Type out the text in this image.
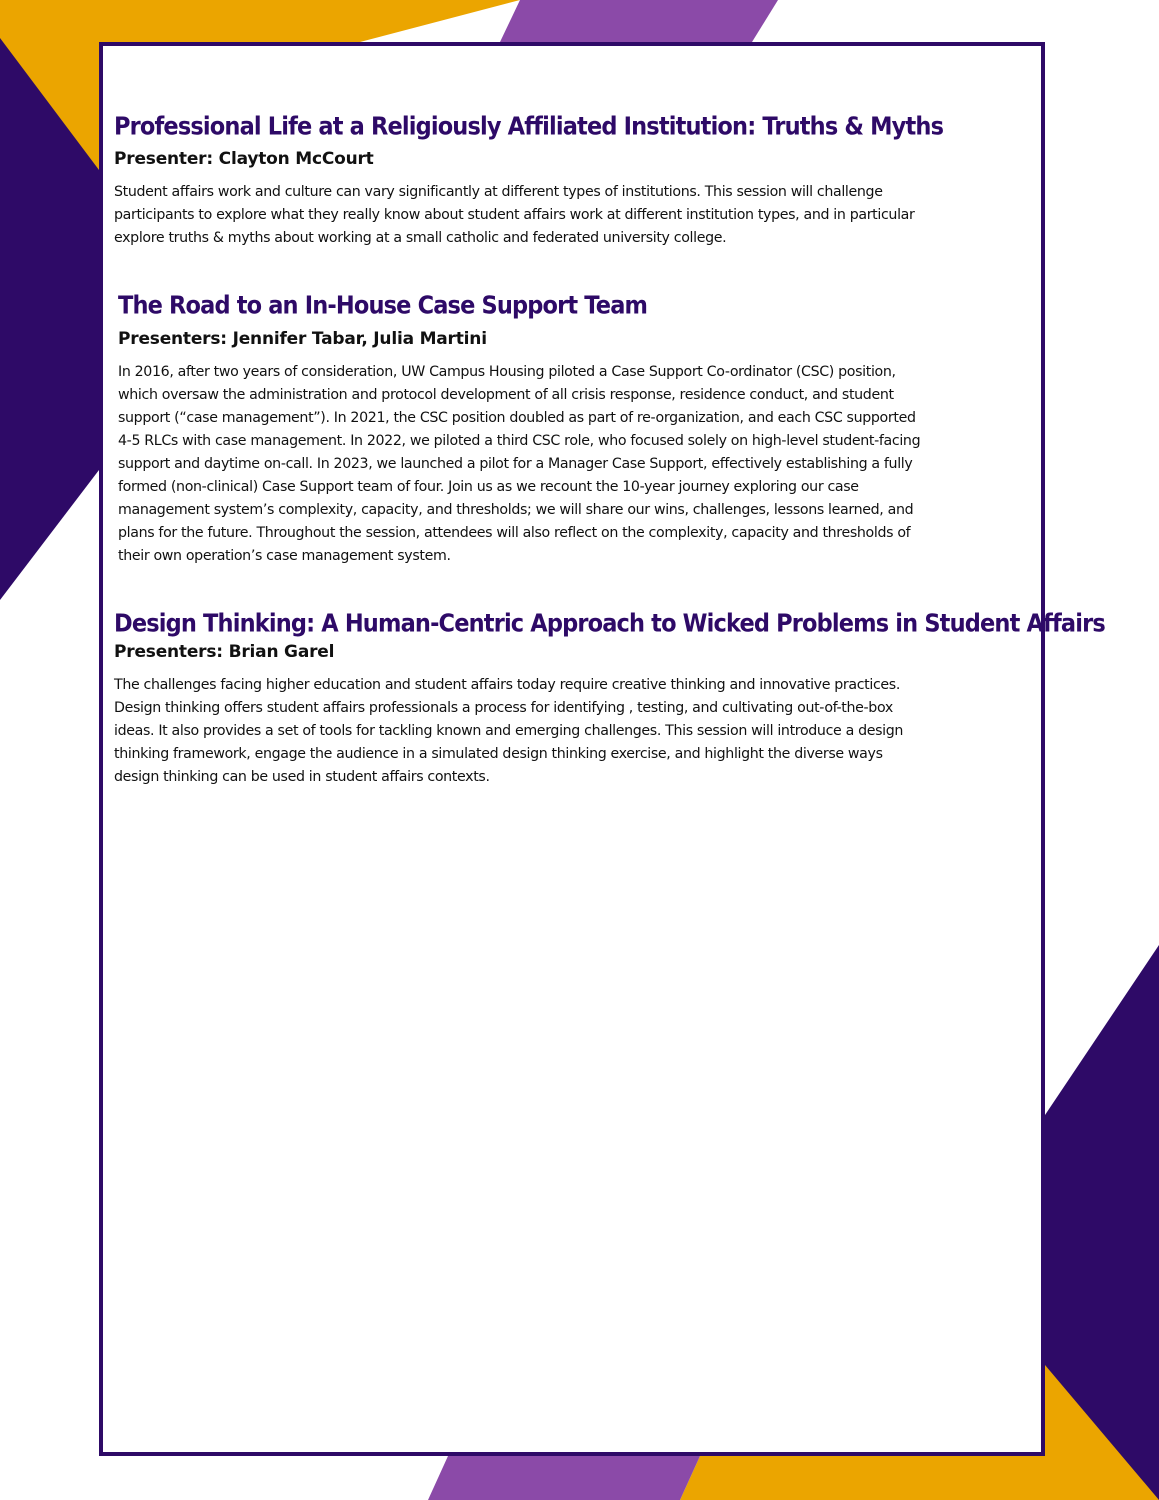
Professional Life at a Religiously Affiliated Institution: Truths & Myths
Presenter: Clayton McCourt

Student affairs work and culture can vary significantly at different types of institutions. This session will challenge
participants to explore what they really know about student affairs work at different institution types, and in particular
explore truths & myths about working at a small catholic and federated university college.

The Road to an In-House Case Support Team
Presenters: Jennifer Tabar, Julia Martini

In 2016, after two years of consideration, UW Campus Housing piloted a Case Support Co-ordinator (CSC) position,
which oversaw the administration and protocol development of all crisis response, residence conduct, and student
support (“case management”). In 2021, the CSC position doubled as part of re-organization, and each CSC supported
4-5 RLCs with case management. In 2022, we piloted a third CSC role, who focused solely on high-level student-facing
support and daytime on-call. In 2023, we launched a pilot for a Manager Case Support, effectively establishing a fully
formed (non-clinical) Case Support team of four. Join us as we recount the 10-year journey exploring our case
management system’s complexity, capacity, and thresholds; we will share our wins, challenges, lessons learned, and
plans for the future. Throughout the session, attendees will also reflect on the complexity, capacity and thresholds of
their own operation’s case management system.

Design Thinking: A Human-Centric Approach to Wicked Problems in Student Affairs
Presenters: Brian Garel

The challenges facing higher education and student affairs today require creative thinking and innovative practices.
Design thinking offers student affairs professionals a process for identifying , testing, and cultivating out-of-the-box
ideas. It also provides a set of tools for tackling known and emerging challenges. This session will introduce a design
thinking framework, engage the audience in a simulated design thinking exercise, and highlight the diverse ways
design thinking can be used in student affairs contexts.
